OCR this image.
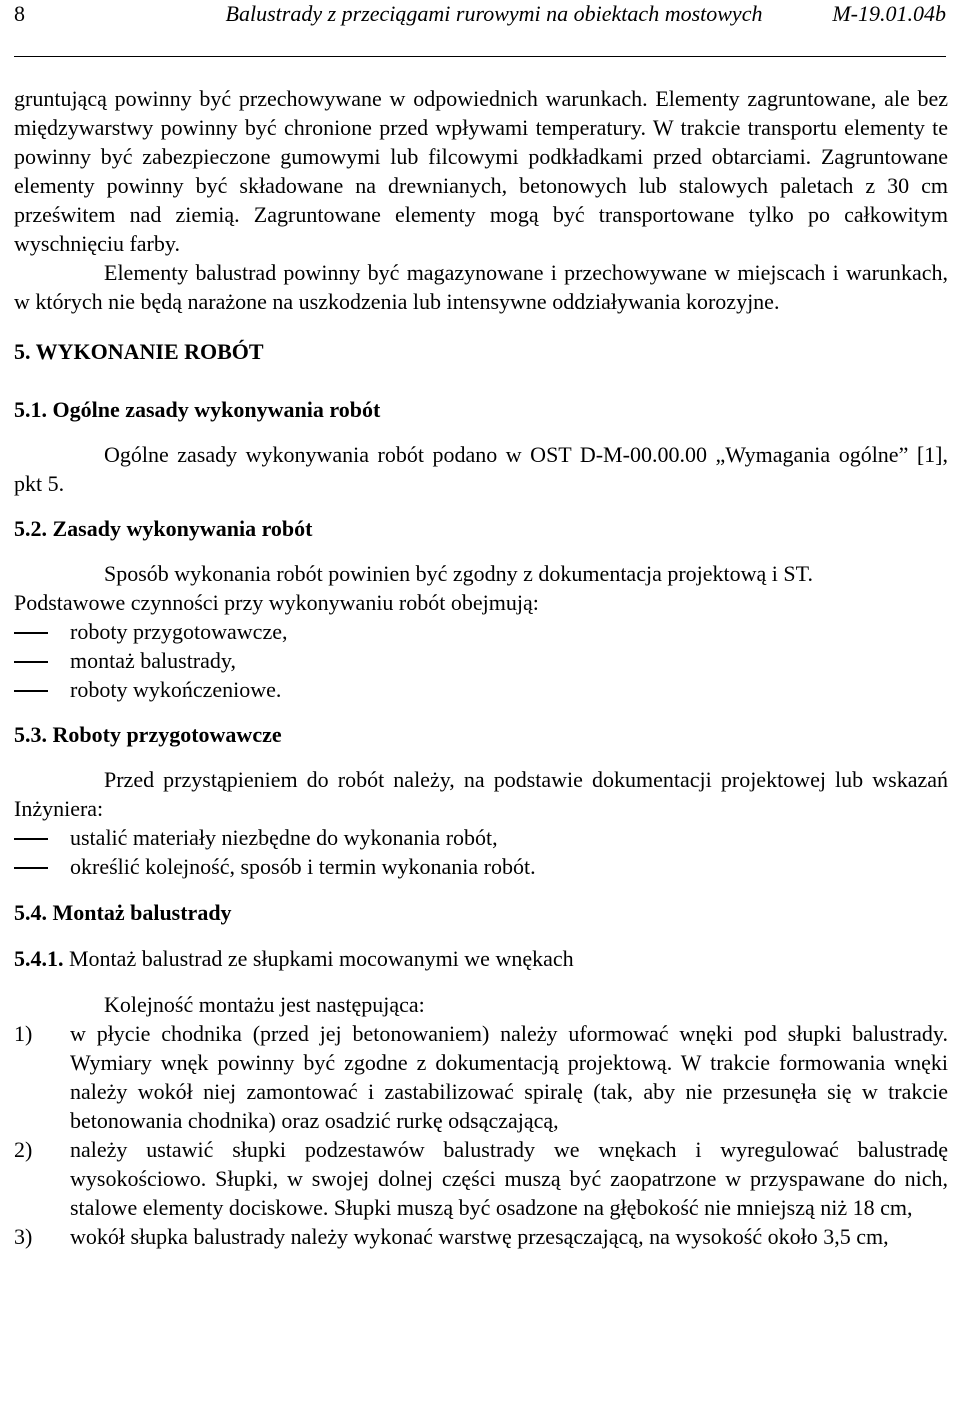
8	Balustrady z przeciągami rurowymi na obiektach mostowych	M-19.01.04b

gruntującą powinny być przechowywane w odpowiednich warunkach. Elementy zagruntowane, ale bez międzywarstwy powinny być chronione przed wpływami temperatury. W trakcie transportu elementy te powinny być zabezpieczone gumowymi lub filcowymi podkładkami przed obtarciami. Zagruntowane elementy powinny być składowane na drewnianych, betonowych lub stalowych paletach z 30 cm prześwitem nad ziemią. Zagruntowane elementy mogą być transportowane tylko po całkowitym wyschnięciu farby.

Elementy balustrad powinny być magazynowane i przechowywane w miejscach i warunkach, w których nie będą narażone na uszkodzenia lub intensywne oddziaływania korozyjne.

5. WYKONANIE ROBÓT

5.1. Ogólne zasady wykonywania robót

Ogólne zasady wykonywania robót podano w OST D-M-00.00.00 „Wymagania ogólne” [1], pkt 5.

5.2. Zasady wykonywania robót

Sposób wykonania robót powinien być zgodny z dokumentacja projektową i ST.

Podstawowe czynności przy wykonywaniu robót obejmują:

roboty przygotowawcze,
montaż balustrady,
roboty wykończeniowe.

5.3. Roboty przygotowawcze

Przed przystąpieniem do robót należy, na podstawie dokumentacji projektowej lub wskazań Inżyniera:

ustalić materiały niezbędne do wykonania robót,
określić kolejność, sposób i termin wykonania robót.

5.4. Montaż balustrady

5.4.1. Montaż balustrad ze słupkami mocowanymi we wnękach

Kolejność montażu jest następująca:

1) w płycie chodnika (przed jej betonowaniem) należy uformować wnęki pod słupki balustrady. Wymiary wnęk powinny być zgodne z dokumentacją projektową. W trakcie formowania wnęki należy wokół niej zamontować i zastabilizować spiralę (tak, aby nie przesunęła się w trakcie betonowania chodnika) oraz osadzić rurkę odsączającą,
2) należy ustawić słupki podzestawów balustrady we wnękach i wyregulować balustradę wysokościowo. Słupki, w swojej dolnej części muszą być zaopatrzone w przyspawane do nich, stalowe elementy dociskowe. Słupki muszą być osadzone na głębokość nie mniejszą niż 18 cm,
3) wokół słupka balustrady należy wykonać warstwę przesączającą, na wysokość około 3,5 cm,
